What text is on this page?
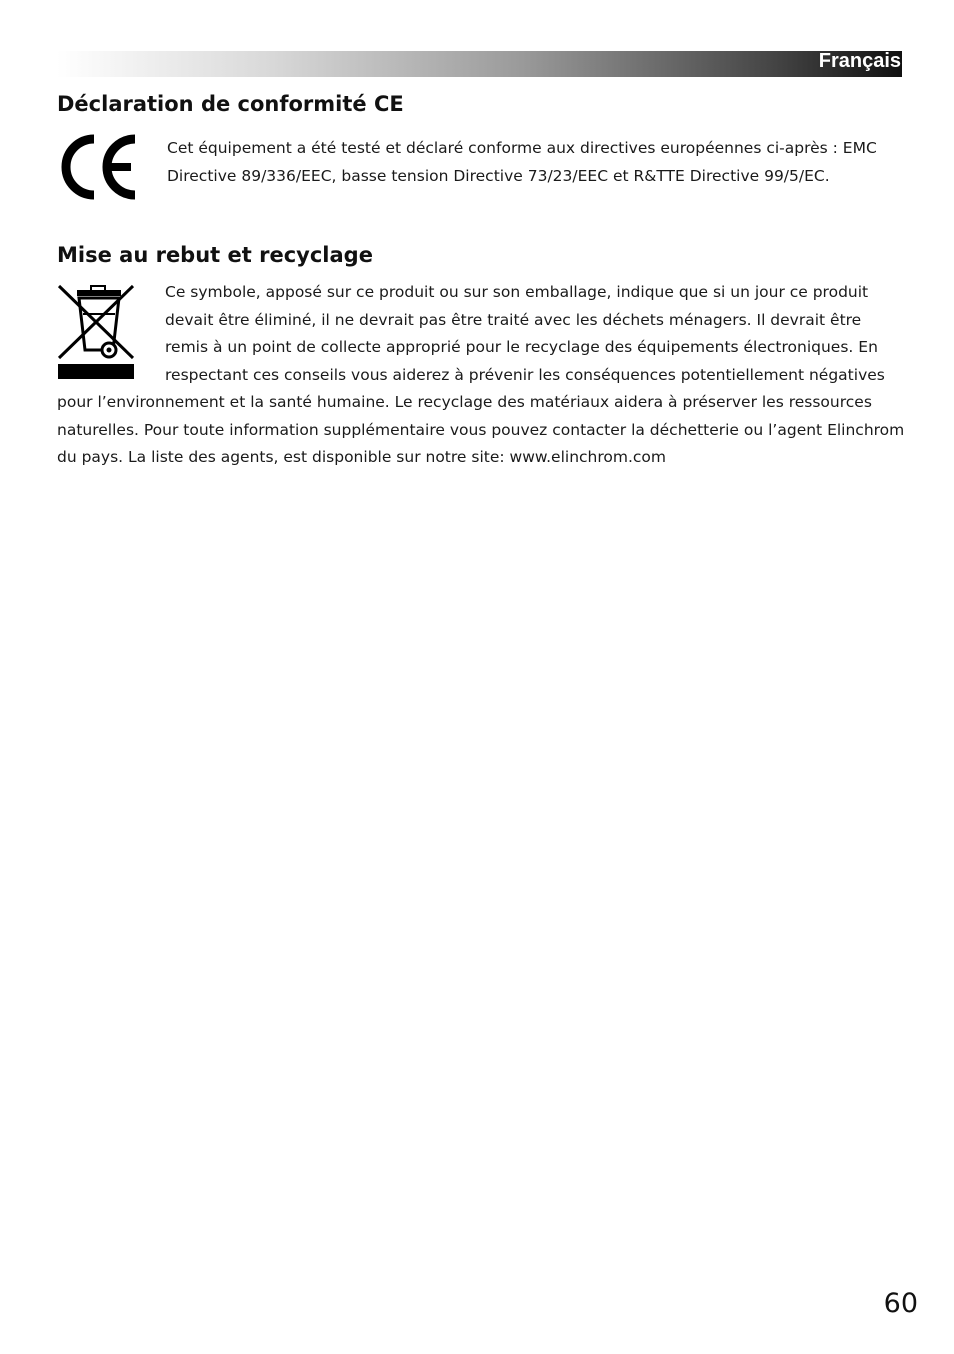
Français
Déclaration de conformité CE
Cet équipement a été testé et déclaré conforme aux directives européennes ci-après : EMC
Directive 89/336/EEC, basse tension Directive 73/23/EEC et R&TTE Directive 99/5/EC.
Mise au rebut et recyclage
Ce symbole, apposé sur ce produit ou sur son emballage, indique que si un jour ce produit
devait être éliminé, il ne devrait pas être traité avec les déchets ménagers. Il devrait être
remis à un point de collecte approprié pour le recyclage des équipements électroniques. En
respectant ces conseils vous aiderez à prévenir les conséquences potentiellement négatives
pour l’environnement et la santé humaine. Le recyclage des matériaux aidera à préserver les ressources
naturelles. Pour toute information supplémentaire vous pouvez contacter la déchetterie ou l’agent Elinchrom
du pays. La liste des agents, est disponible sur notre site: www.elinchrom.com
60
